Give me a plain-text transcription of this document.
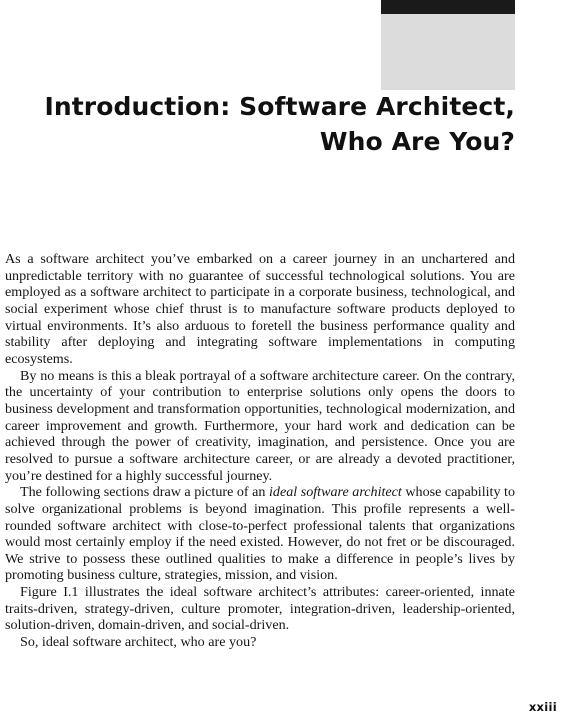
Introduction: Software Architect,
Who Are You?

As a software architect you’ve embarked on a career journey in an unchartered and unpredictable territory with no guarantee of successful technological solutions. You are employed as a software architect to participate in a corporate business, technological, and social experiment whose chief thrust is to manufacture software products deployed to virtual environments. It’s also arduous to foretell the business performance quality and stability after deploying and integrating software implementations in computing ecosystems.

By no means is this a bleak portrayal of a software architecture career. On the contrary, the uncertainty of your contribution to enterprise solutions only opens the doors to business development and transformation opportunities, technological modernization, and career improvement and growth. Furthermore, your hard work and dedication can be achieved through the power of creativity, imagination, and persistence. Once you are resolved to pursue a software architecture career, or are already a devoted practitioner, you’re destined for a highly successful journey.

The following sections draw a picture of an ideal software architect whose capability to solve organizational problems is beyond imagination. This profile represents a well-rounded software architect with close-to-perfect professional talents that organizations would most certainly employ if the need existed. However, do not fret or be discouraged. We strive to possess these outlined qualities to make a difference in people’s lives by promoting business culture, strategies, mission, and vision.

Figure I.1 illustrates the ideal software architect’s attributes: career-oriented, innate traits-driven, strategy-driven, culture promoter, integration-driven, leadership-oriented, solution-driven, domain-driven, and social-driven.

So, ideal software architect, who are you?

xxiii
